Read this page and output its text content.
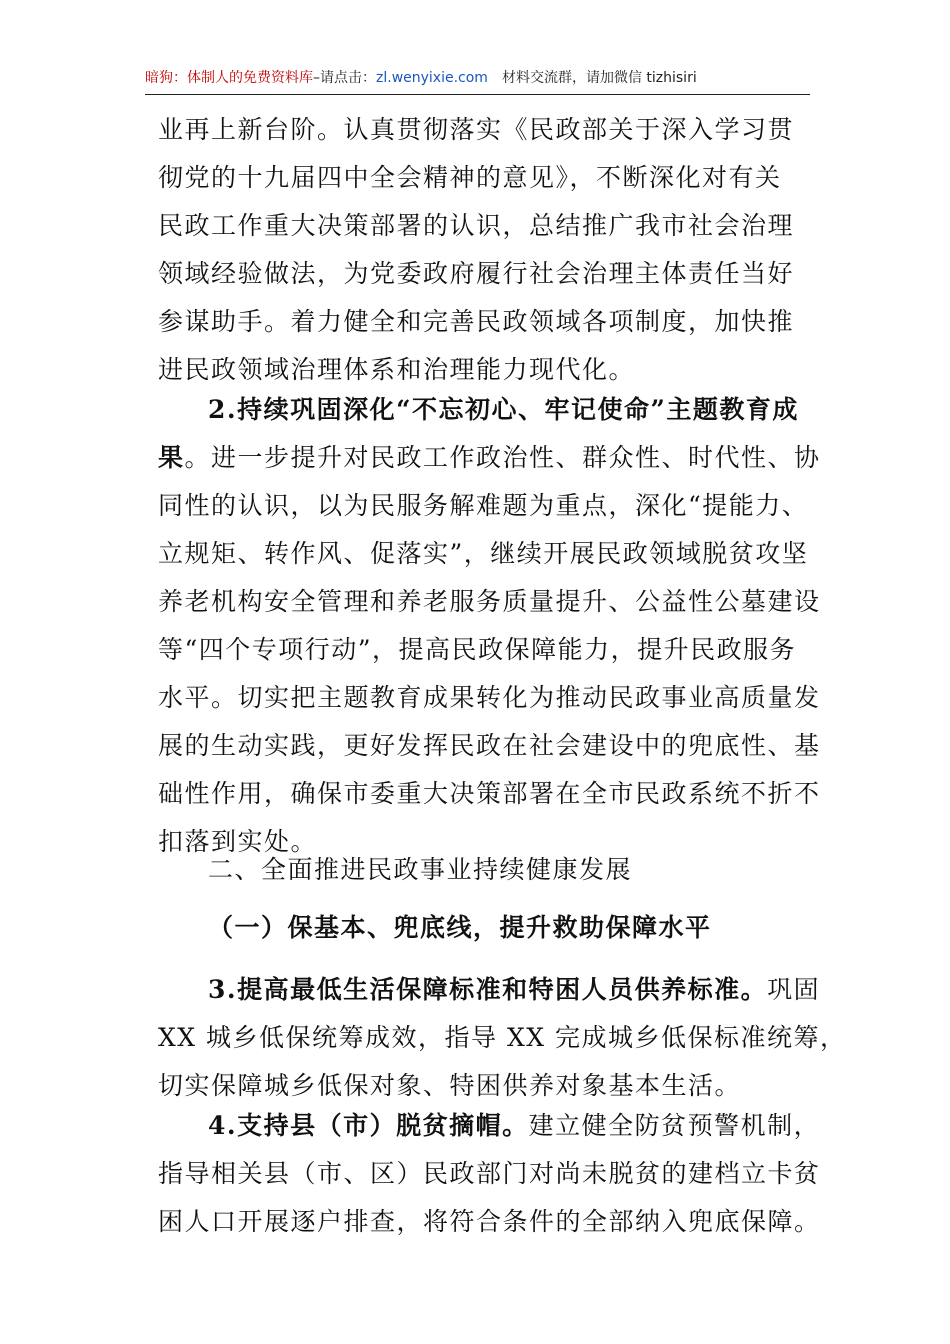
暗狗：体制人的免费资料库–请点击：zl.wenyixie.com 材料交流群，请加微信 tizhisiri
业再上新台阶。认真贯彻落实《民政部关于深入学习贯
彻党的十九届四中全会精神的意见》，不断深化对有关
民政工作重大决策部署的认识，总结推广我市社会治理
领域经验做法，为党委政府履行社会治理主体责任当好
参谋助手。着力健全和完善民政领域各项制度，加快推
进民政领域治理体系和治理能力现代化。
2.持续巩固深化“不忘初心、牢记使命”主题教育成
果。进一步提升对民政工作政治性、群众性、时代性、协
同性的认识，以为民服务解难题为重点，深化“提能力、
立规矩、转作风、促落实”，继续开展民政领域脱贫攻坚
养老机构安全管理和养老服务质量提升、公益性公墓建设
等“四个专项行动”，提高民政保障能力，提升民政服务
水平。切实把主题教育成果转化为推动民政事业高质量发
展的生动实践，更好发挥民政在社会建设中的兜底性、基
础性作用，确保市委重大决策部署在全市民政系统不折不
扣落到实处。
二、全面推进民政事业持续健康发展
（一）保基本、兜底线，提升救助保障水平
3.提高最低生活保障标准和特困人员供养标准。巩固
XX 城乡低保统筹成效，指导 XX 完成城乡低保标准统筹，
切实保障城乡低保对象、特困供养对象基本生活。
4.支持县（市）脱贫摘帽。建立健全防贫预警机制，
指导相关县（市、区）民政部门对尚未脱贫的建档立卡贫
困人口开展逐户排查，将符合条件的全部纳入兜底保障。
